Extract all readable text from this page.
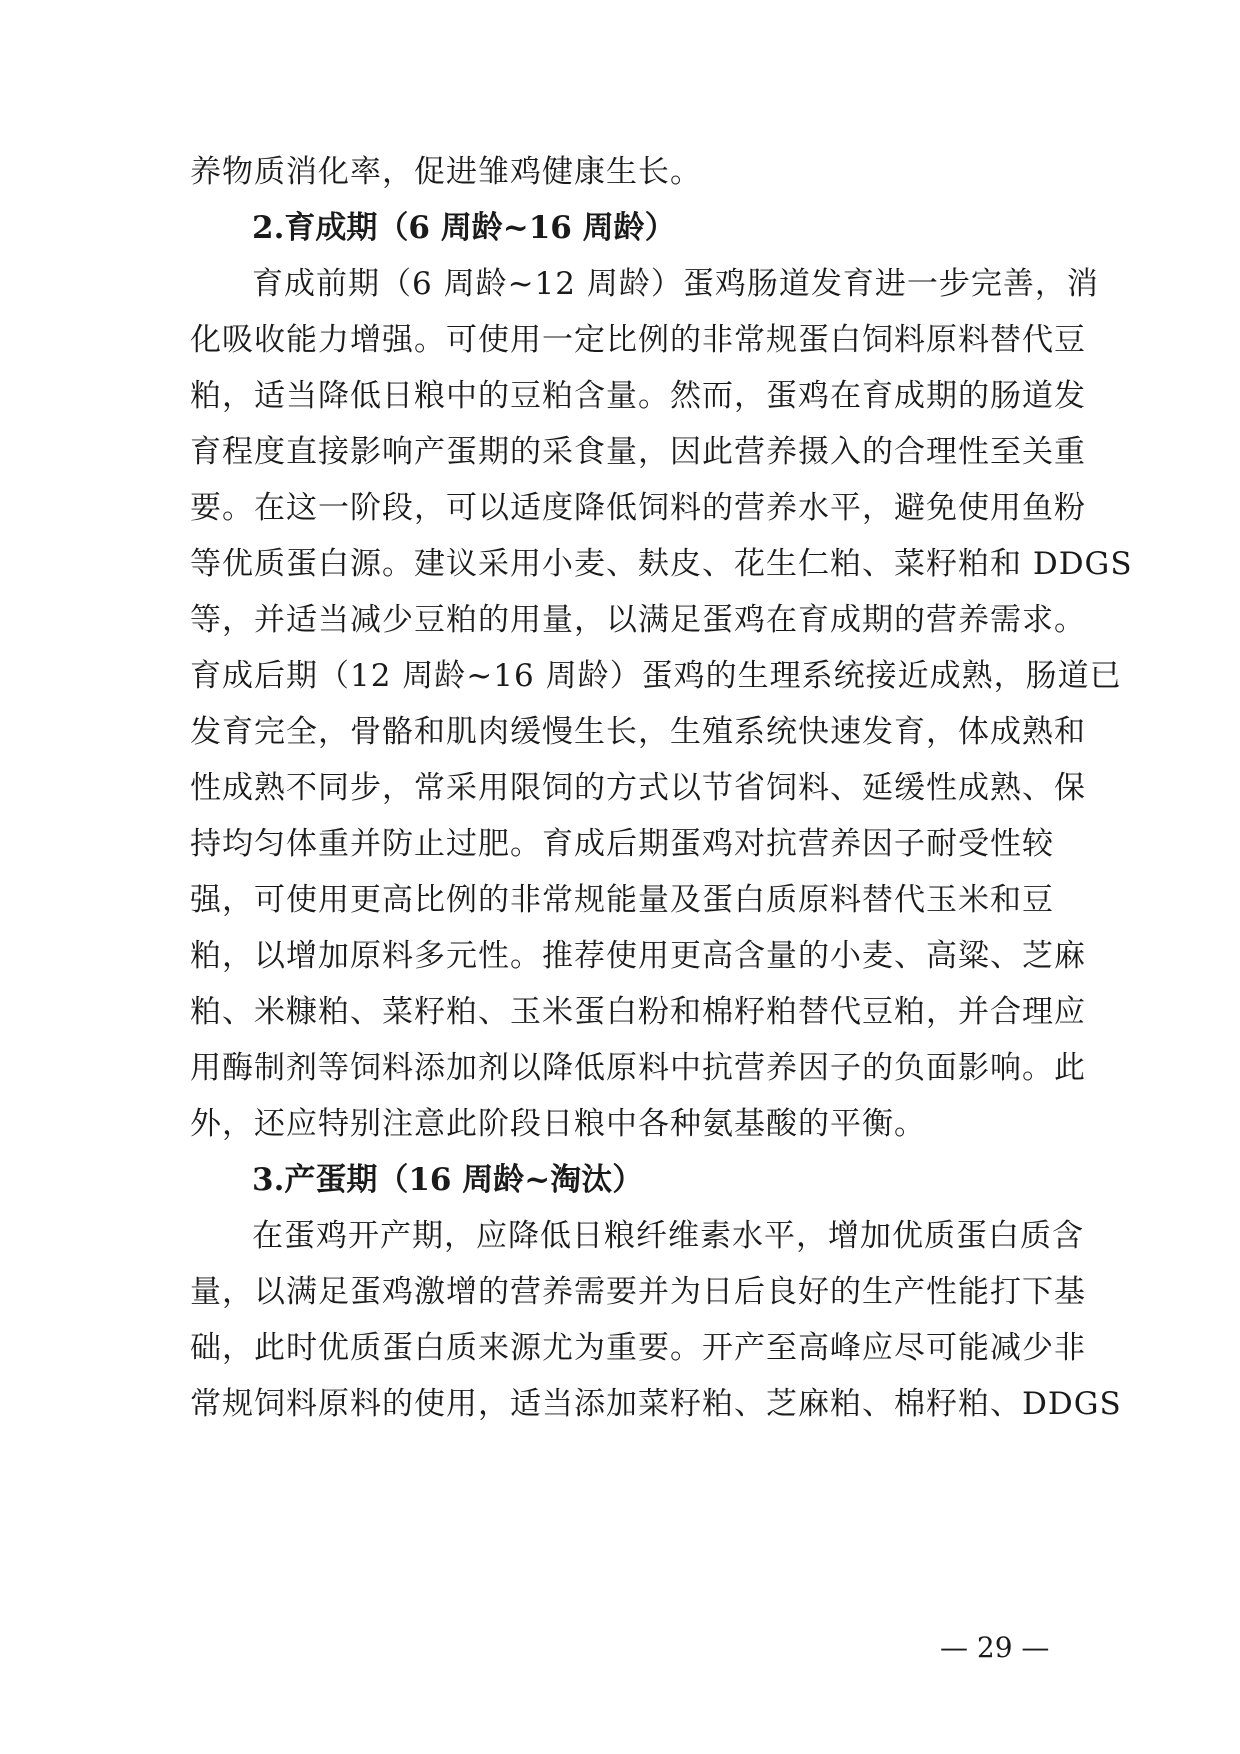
养物质消化率，促进雏鸡健康生长。
2.育成期（6 周龄~16 周龄）
育成前期（6 周龄~12 周龄）蛋鸡肠道发育进一步完善，消
化吸收能力增强。可使用一定比例的非常规蛋白饲料原料替代豆
粕，适当降低日粮中的豆粕含量。然而，蛋鸡在育成期的肠道发
育程度直接影响产蛋期的采食量，因此营养摄入的合理性至关重
要。在这一阶段，可以适度降低饲料的营养水平，避免使用鱼粉
等优质蛋白源。建议采用小麦、麸皮、花生仁粕、菜籽粕和 DDGS
等，并适当减少豆粕的用量，以满足蛋鸡在育成期的营养需求。
育成后期（12 周龄~16 周龄）蛋鸡的生理系统接近成熟，肠道已
发育完全，骨骼和肌肉缓慢生长，生殖系统快速发育，体成熟和
性成熟不同步，常采用限饲的方式以节省饲料、延缓性成熟、保
持均匀体重并防止过肥。育成后期蛋鸡对抗营养因子耐受性较
强，可使用更高比例的非常规能量及蛋白质原料替代玉米和豆
粕，以增加原料多元性。推荐使用更高含量的小麦、高粱、芝麻
粕、米糠粕、菜籽粕、玉米蛋白粉和棉籽粕替代豆粕，并合理应
用酶制剂等饲料添加剂以降低原料中抗营养因子的负面影响。此
外，还应特别注意此阶段日粮中各种氨基酸的平衡。
3.产蛋期（16 周龄~淘汰）
在蛋鸡开产期，应降低日粮纤维素水平，增加优质蛋白质含
量，以满足蛋鸡激增的营养需要并为日后良好的生产性能打下基
础，此时优质蛋白质来源尤为重要。开产至高峰应尽可能减少非
常规饲料原料的使用，适当添加菜籽粕、芝麻粕、棉籽粕、DDGS
— 29 —
